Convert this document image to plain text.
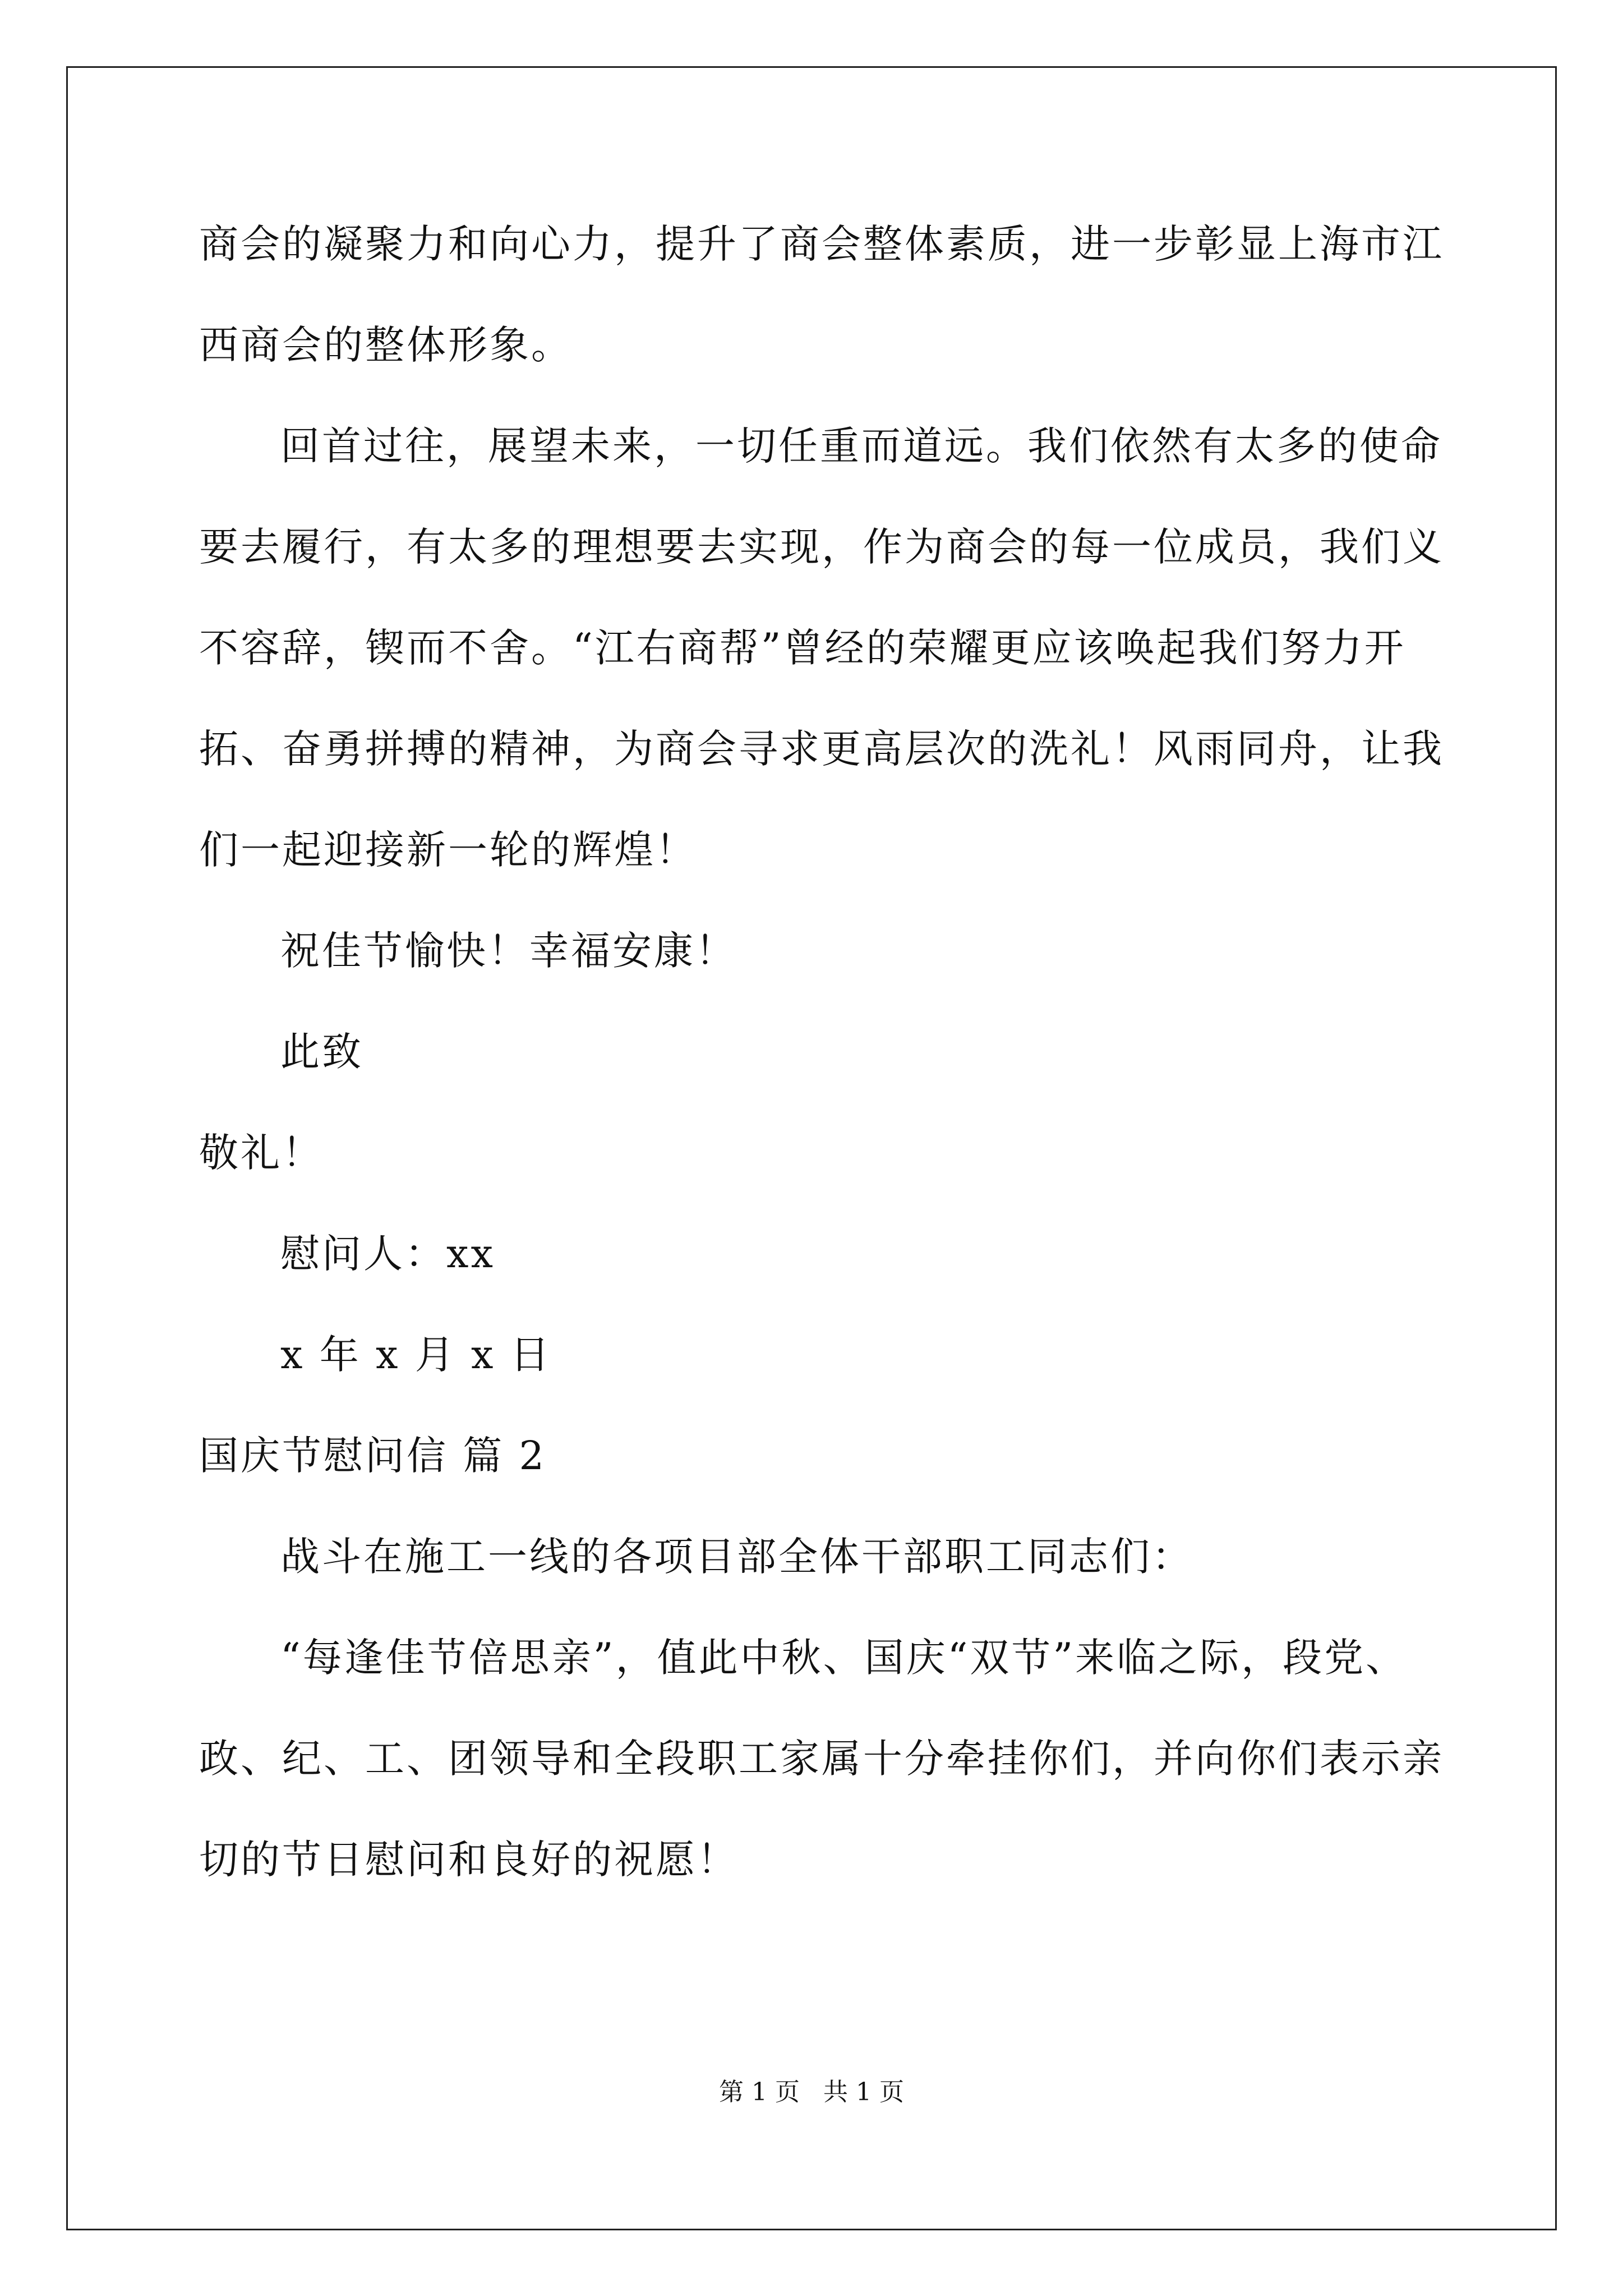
商会的凝聚力和向心力，提升了商会整体素质，进一步彰显上海市江
西商会的整体形象。
回首过往，展望未来，一切任重而道远。我们依然有太多的使命
要去履行，有太多的理想要去实现，作为商会的每一位成员，我们义
不容辞，锲而不舍。“江右商帮”曾经的荣耀更应该唤起我们努力开
拓、奋勇拼搏的精神，为商会寻求更高层次的洗礼！风雨同舟，让我
们一起迎接新一轮的辉煌！
祝佳节愉快！幸福安康！
此致
敬礼！
慰问人：xx
x 年 x 月 x 日
国庆节慰问信 篇 2
战斗在施工一线的各项目部全体干部职工同志们：
“每逢佳节倍思亲”，值此中秋、国庆“双节”来临之际，段党、
政、纪、工、团领导和全段职工家属十分牵挂你们，并向你们表示亲
切的节日慰问和良好的祝愿！
第 1 页   共 1 页
